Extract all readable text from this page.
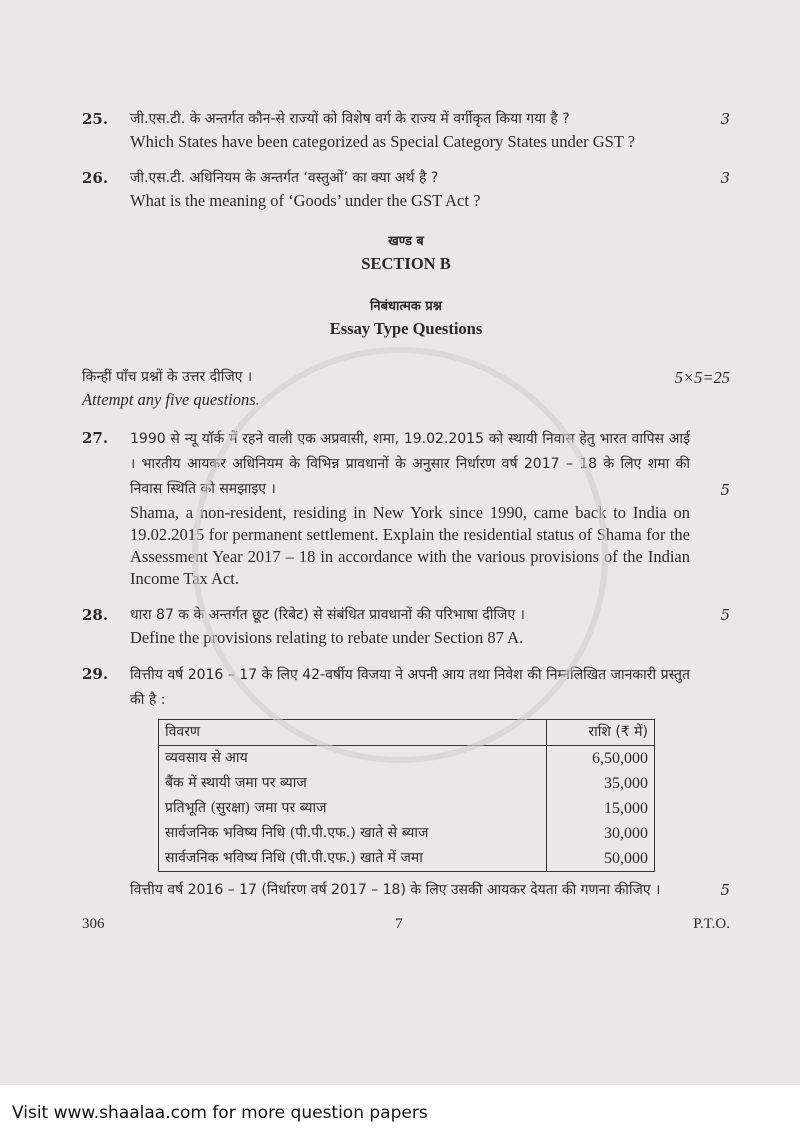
25.	जी.एस.टी. के अन्तर्गत कौन-से राज्यों को विशेष वर्ग के राज्य में वर्गीकृत किया गया है ?
Which States have been categorized as Special Category States under GST ?
3
26.	जी.एस.टी. अधिनियम के अन्तर्गत ‘वस्तुओं’ का क्या अर्थ है ?
What is the meaning of ‘Goods’ under the GST Act ?
3
खण्ड ब
SECTION B
निबंधात्मक प्रश्न
Essay Type Questions
किन्हीं पाँच प्रश्नों के उत्तर दीजिए ।	5×5=25
Attempt any five questions.
27.	1990 से न्यू यॉर्क में रहने वाली एक अप्रवासी, शमा, 19.02.2015 को स्थायी निवास हेतु भारत वापिस आई । भारतीय आयकर अधिनियम के विभिन्न प्रावधानों के अनुसार निर्धारण वर्ष 2017 – 18 के लिए शमा की निवास स्थिति को समझाइए ।	5
Shama, a non-resident, residing in New York since 1990, came back to India on 19.02.2015 for permanent settlement. Explain the residential status of Shama for the Assessment Year 2017 – 18 in accordance with the various provisions of the Indian Income Tax Act.
28.	धारा 87 क के अन्तर्गत छूट (रिबेट) से संबंधित प्रावधानों की परिभाषा दीजिए ।
Define the provisions relating to rebate under Section 87 A.
5
29.	वित्तीय वर्ष 2016 – 17 के लिए 42-वर्षीय विजया ने अपनी आय तथा निवेश की निम्नलिखित जानकारी प्रस्तुत की है :
विवरण	राशि (₹ में)
व्यवसाय से आय	6,50,000
बैंक में स्थायी जमा पर ब्याज	35,000
प्रतिभूति (सुरक्षा) जमा पर ब्याज	15,000
सार्वजनिक भविष्य निधि (पी.पी.एफ.) खाते से ब्याज	30,000
सार्वजनिक भविष्य निधि (पी.पी.एफ.) खाते में जमा	50,000
वित्तीय वर्ष 2016 – 17 (निर्धारण वर्ष 2017 – 18) के लिए उसकी आयकर देयता की गणना कीजिए ।	5
306	7	P.T.O.
Visit www.shaalaa.com for more question papers
